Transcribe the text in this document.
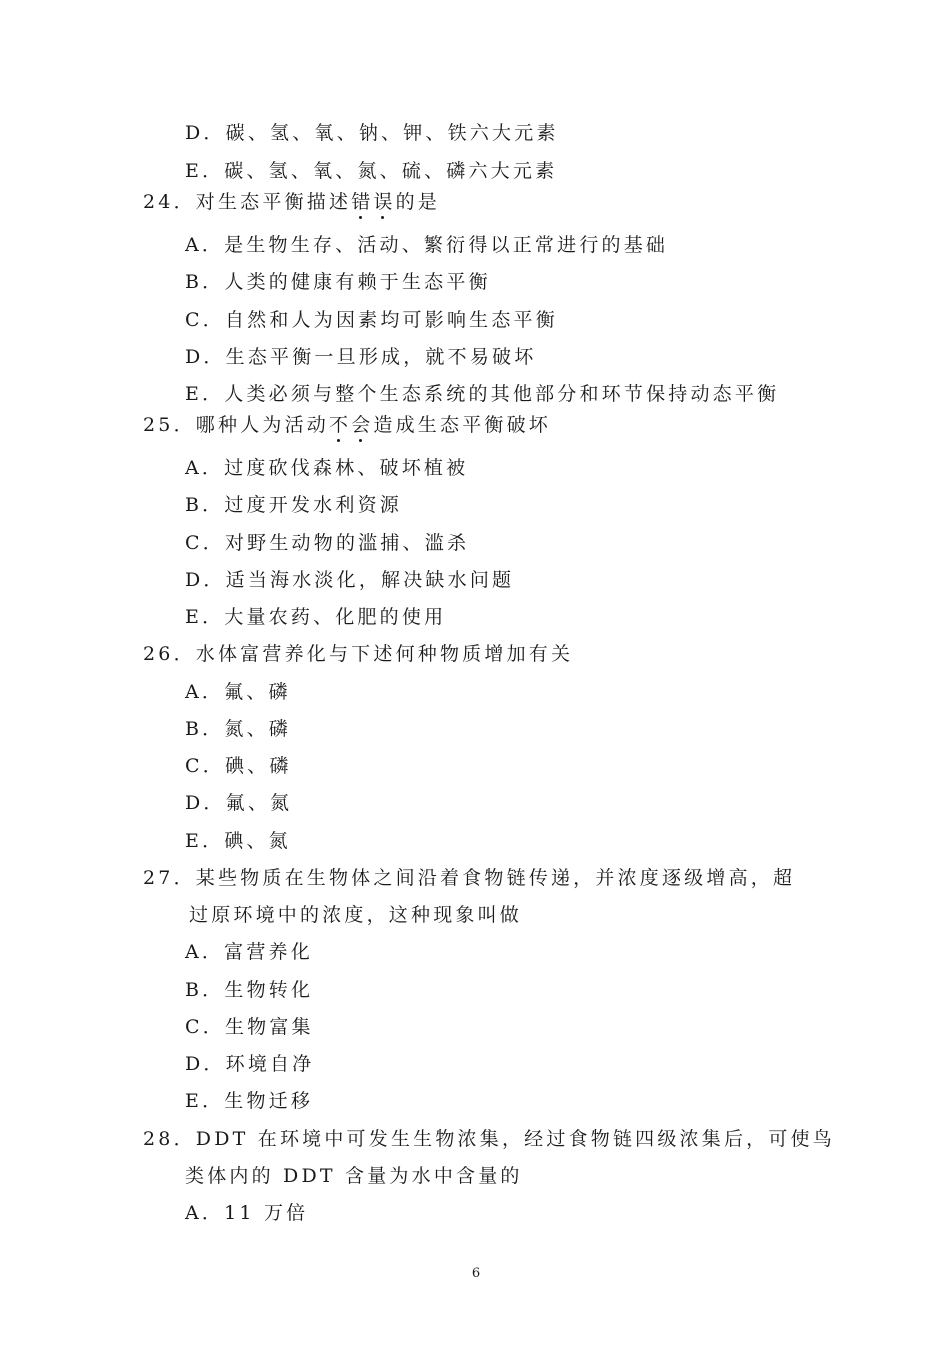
D．碳、氢、氧、钠、钾、铁六大元素
E．碳、氢、氧、氮、硫、磷六大元素
24．对生态平衡描述错误的是
A．是生物生存、活动、繁衍得以正常进行的基础
B．人类的健康有赖于生态平衡
C．自然和人为因素均可影响生态平衡
D．生态平衡一旦形成，就不易破坏
E．人类必须与整个生态系统的其他部分和环节保持动态平衡
25．哪种人为活动不会造成生态平衡破坏
A．过度砍伐森林、破坏植被
B．过度开发水利资源
C．对野生动物的滥捕、滥杀
D．适当海水淡化，解决缺水问题
E．大量农药、化肥的使用
26．水体富营养化与下述何种物质增加有关
A．氟、磷
B．氮、磷
C．碘、磷
D．氟、氮
E．碘、氮
27．某些物质在生物体之间沿着食物链传递，并浓度逐级增高，超
过原环境中的浓度，这种现象叫做
A．富营养化
B．生物转化
C．生物富集
D．环境自净
E．生物迁移
28．DDT 在环境中可发生生物浓集，经过食物链四级浓集后，可使鸟
类体内的 DDT 含量为水中含量的
A．11 万倍
6
